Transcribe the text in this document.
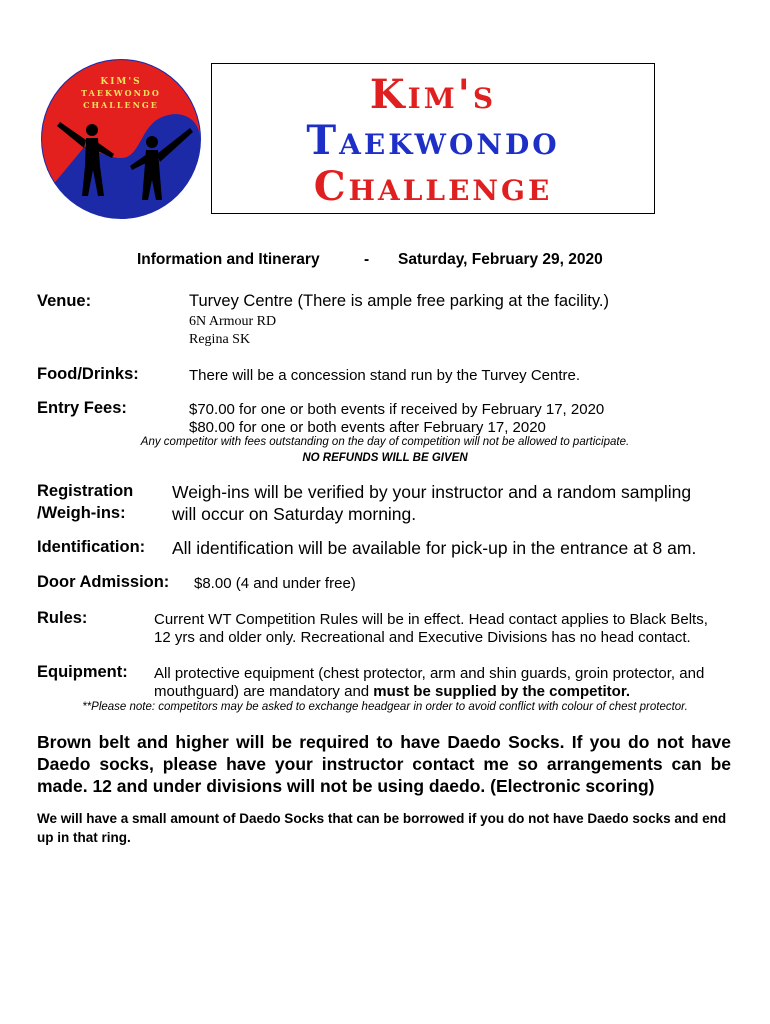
KIM'S
TAEKWONDO
CHALLENGE	Kim's
Taekwondo
Challenge
Information and Itinerary	- Saturday, February 29, 2020
Venue:	Turvey Centre (There is ample free parking at the facility.)
6N Armour RD
Regina SK
Food/Drinks:	There will be a concession stand run by the Turvey Centre.
Entry Fees:	$70.00 for one or both events if received by February 17, 2020
$80.00 for one or both events after February 17, 2020
Any competitor with fees outstanding on the day of competition will not be allowed to participate.
NO REFUNDS WILL BE GIVEN
Registration
/Weigh-ins:
Weigh-ins will be verified by your instructor and a random sampling
will occur on Saturday morning.
Identification: All identification will be available for pick-up in the entrance at 8 am.
Door Admission: $8.00 (4 and under free)
Rules:	Current WT Competition Rules will be in effect. Head contact applies to Black Belts,
12 yrs and older only. Recreational and Executive Divisions has no head contact.
Equipment: All protective equipment (chest protector, arm and shin guards, groin protector, and
mouthguard) are mandatory and must be supplied by the competitor.
**Please note: competitors may be asked to exchange headgear in order to avoid conflict with colour of chest protector.
Brown belt and higher will be required to have Daedo Socks. If you do not have Daedo socks, please have your instructor contact me so arrangements can be made. 12 and under divisions will not be using daedo. (Electronic scoring)
We will have a small amount of Daedo Socks that can be borrowed if you do not have Daedo socks and end up in that ring.
